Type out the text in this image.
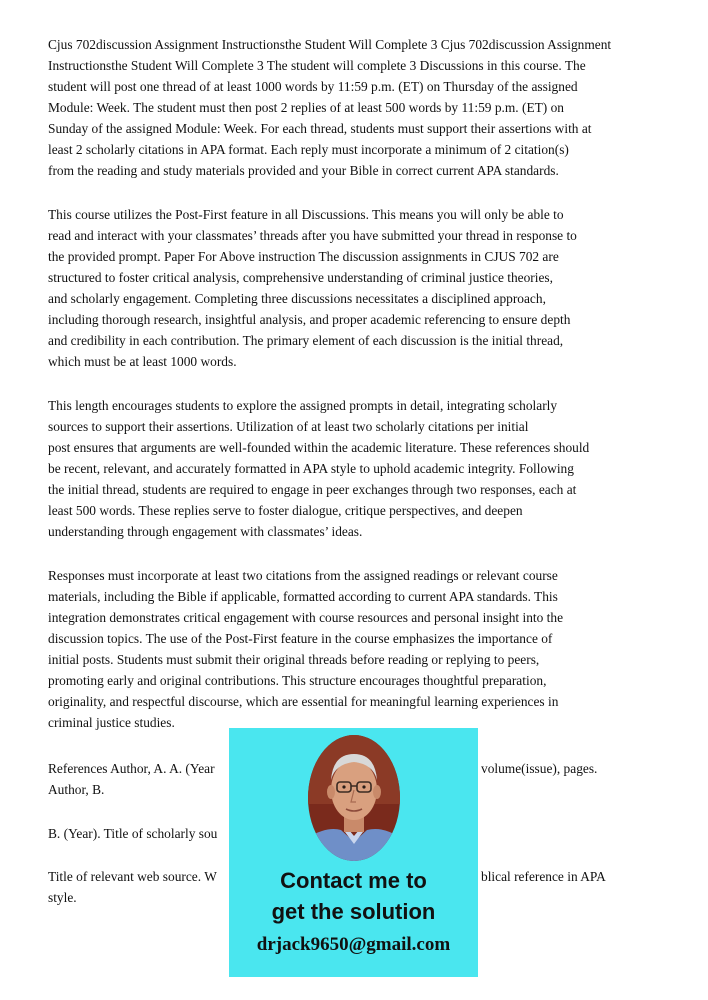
Cjus 702discussion Assignment Instructionsthe Student Will Complete 3 Cjus 702discussion Assignment

Instructionsthe Student Will Complete 3 The student will complete 3 Discussions in this course. The

student will post one thread of at least 1000 words by 11:59 p.m. (ET) on Thursday of the assigned

Module: Week. The student must then post 2 replies of at least 500 words by 11:59 p.m. (ET) on

Sunday of the assigned Module: Week. For each thread, students must support their assertions with at

least 2 scholarly citations in APA format. Each reply must incorporate a minimum of 2 citation(s)

from the reading and study materials provided and your Bible in correct current APA standards.

This course utilizes the Post-First feature in all Discussions. This means you will only be able to

read and interact with your classmates’ threads after you have submitted your thread in response to

the provided prompt. Paper For Above instruction The discussion assignments in CJUS 702 are

structured to foster critical analysis, comprehensive understanding of criminal justice theories,

and scholarly engagement. Completing three discussions necessitates a disciplined approach,

including thorough research, insightful analysis, and proper academic referencing to ensure depth

and credibility in each contribution. The primary element of each discussion is the initial thread,

which must be at least 1000 words.

This length encourages students to explore the assigned prompts in detail, integrating scholarly

sources to support their assertions. Utilization of at least two scholarly citations per initial

post ensures that arguments are well-founded within the academic literature. These references should

be recent, relevant, and accurately formatted in APA style to uphold academic integrity. Following

the initial thread, students are required to engage in peer exchanges through two responses, each at

least 500 words. These replies serve to foster dialogue, critique perspectives, and deepen

understanding through engagement with classmates’ ideas.

Responses must incorporate at least two citations from the assigned readings or relevant course

materials, including the Bible if applicable, formatted according to current APA standards. This

integration demonstrates critical engagement with course resources and personal insight into the

discussion topics. The use of the Post-First feature in the course emphasizes the importance of

initial posts. Students must submit their original threads before reading or replying to peers,

promoting early and original contributions. This structure encourages thoughtful preparation,

originality, and respectful discourse, which are essential for meaningful learning experiences in

criminal justice studies.

References Author, A. A. (Year	volume(issue), pages.

Author, B.

B. (Year). Title of scholarly sou

Title of relevant web source. W	blical reference in APA

style.

Contact me to

get the solution

drjack9650@gmail.com
